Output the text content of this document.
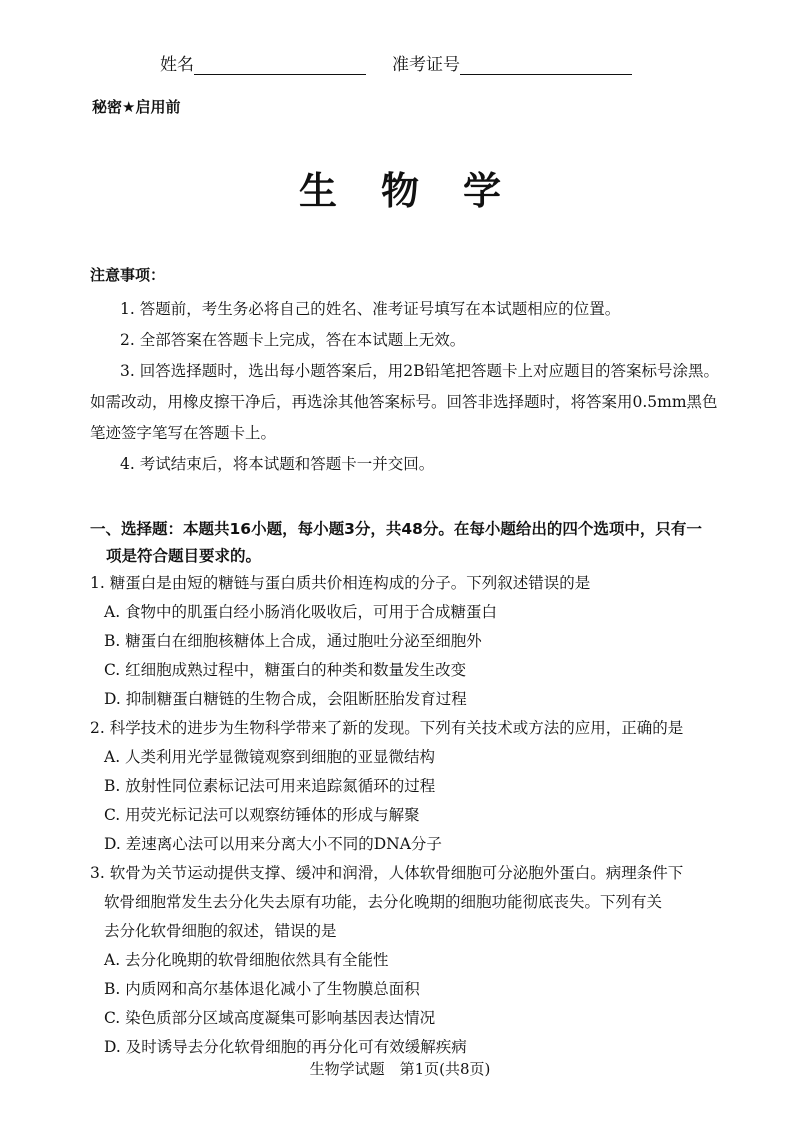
姓名	准考证号
秘密★启用前
生物学
注意事项：

1. 答题前，考生务必将自己的姓名、准考证号填写在本试题相应的位置。

2. 全部答案在答题卡上完成，答在本试题上无效。

3. 回答选择题时，选出每小题答案后，用2B铅笔把答题卡上对应题目的答案标号涂黑。如需改动，用橡皮擦干净后，再选涂其他答案标号。回答非选择题时，将答案用0.5mm黑色笔迹签字笔写在答题卡上。

4. 考试结束后，将本试题和答题卡一并交回。

一、选择题：本题共16小题，每小题3分，共48分。在每小题给出的四个选项中，只有一
项是符合题目要求的。

1. 糖蛋白是由短的糖链与蛋白质共价相连构成的分子。下列叙述错误的是

A. 食物中的肌蛋白经小肠消化吸收后，可用于合成糖蛋白

B. 糖蛋白在细胞核糖体上合成，通过胞吐分泌至细胞外

C. 红细胞成熟过程中，糖蛋白的种类和数量发生改变

D. 抑制糖蛋白糖链的生物合成，会阻断胚胎发育过程

2. 科学技术的进步为生物科学带来了新的发现。下列有关技术或方法的应用，正确的是

A. 人类利用光学显微镜观察到细胞的亚显微结构

B. 放射性同位素标记法可用来追踪氮循环的过程

C. 用荧光标记法可以观察纺锤体的形成与解聚

D. 差速离心法可以用来分离大小不同的DNA分子

3. 软骨为关节运动提供支撑、缓冲和润滑，人体软骨细胞可分泌胞外蛋白。病理条件下

软骨细胞常发生去分化失去原有功能，去分化晚期的细胞功能彻底丧失。下列有关

去分化软骨细胞的叙述，错误的是

A. 去分化晚期的软骨细胞依然具有全能性

B. 内质网和高尔基体退化减小了生物膜总面积

C. 染色质部分区域高度凝集可影响基因表达情况

D. 及时诱导去分化软骨细胞的再分化可有效缓解疾病

生物学试题　第1页(共8页)
